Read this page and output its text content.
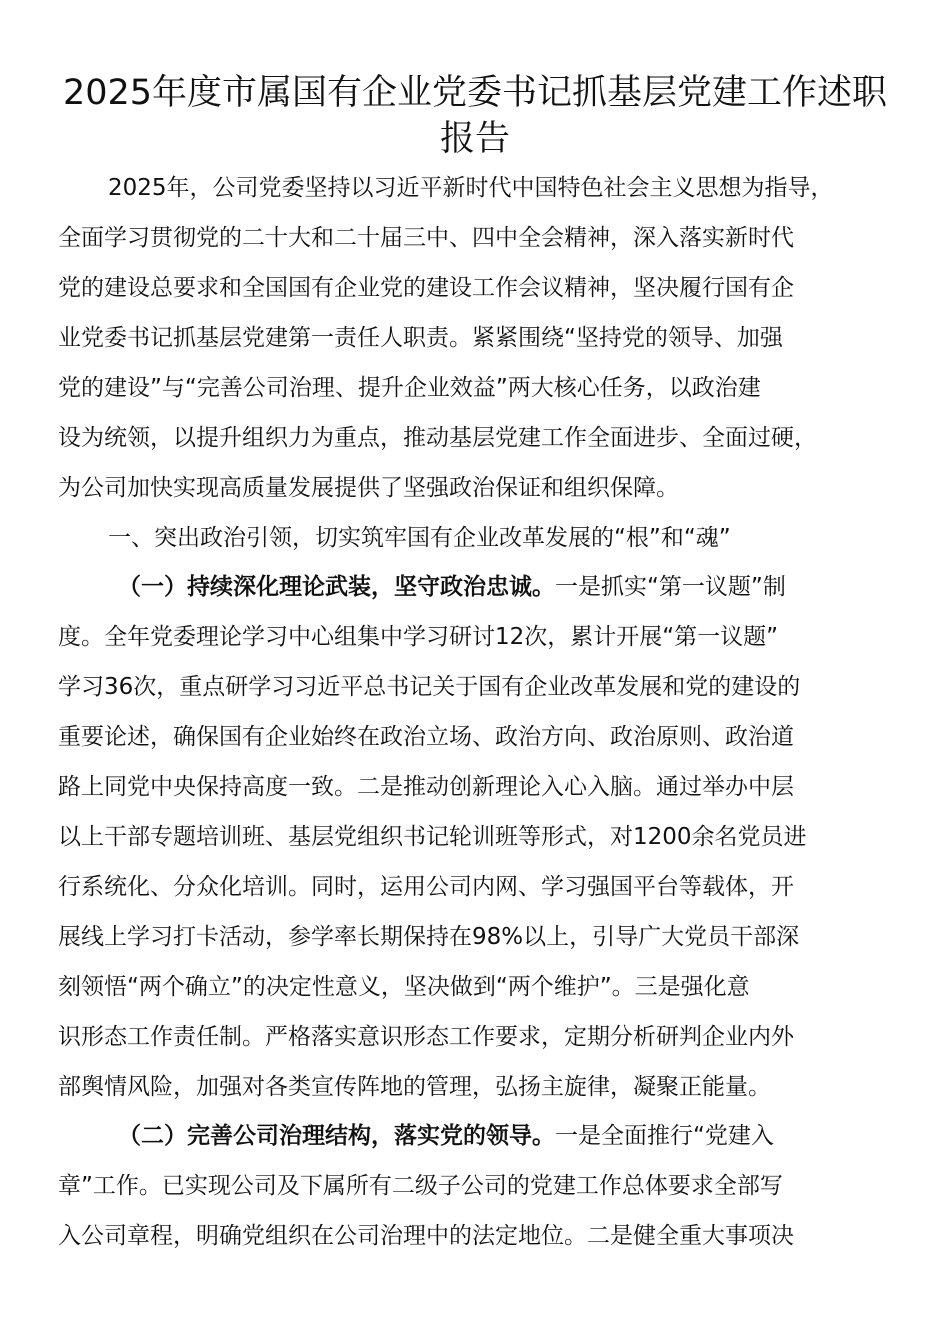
2025年度市属国有企业党委书记抓基层党建工作述职
报告
2025年，公司党委坚持以习近平新时代中国特色社会主义思想为指导，
全面学习贯彻党的二十大和二十届三中、四中全会精神，深入落实新时代
党的建设总要求和全国国有企业党的建设工作会议精神，坚决履行国有企
业党委书记抓基层党建第一责任人职责。紧紧围绕“坚持党的领导、加强
党的建设”与“完善公司治理、提升企业效益”两大核心任务，以政治建
设为统领，以提升组织力为重点，推动基层党建工作全面进步、全面过硬，
为公司加快实现高质量发展提供了坚强政治保证和组织保障。
一、突出政治引领，切实筑牢国有企业改革发展的“根”和“魂”
（一）持续深化理论武装，坚守政治忠诚。一是抓实“第一议题”制
度。全年党委理论学习中心组集中学习研讨12次，累计开展“第一议题”
学习36次，重点研学习习近平总书记关于国有企业改革发展和党的建设的
重要论述，确保国有企业始终在政治立场、政治方向、政治原则、政治道
路上同党中央保持高度一致。二是推动创新理论入心入脑。通过举办中层
以上干部专题培训班、基层党组织书记轮训班等形式，对1200余名党员进
行系统化、分众化培训。同时，运用公司内网、学习强国平台等载体，开
展线上学习打卡活动，参学率长期保持在98%以上，引导广大党员干部深
刻领悟“两个确立”的决定性意义，坚决做到“两个维护”。三是强化意
识形态工作责任制。严格落实意识形态工作要求，定期分析研判企业内外
部舆情风险，加强对各类宣传阵地的管理，弘扬主旋律，凝聚正能量。
（二）完善公司治理结构，落实党的领导。一是全面推行“党建入
章”工作。已实现公司及下属所有二级子公司的党建工作总体要求全部写
入公司章程，明确党组织在公司治理中的法定地位。二是健全重大事项决
